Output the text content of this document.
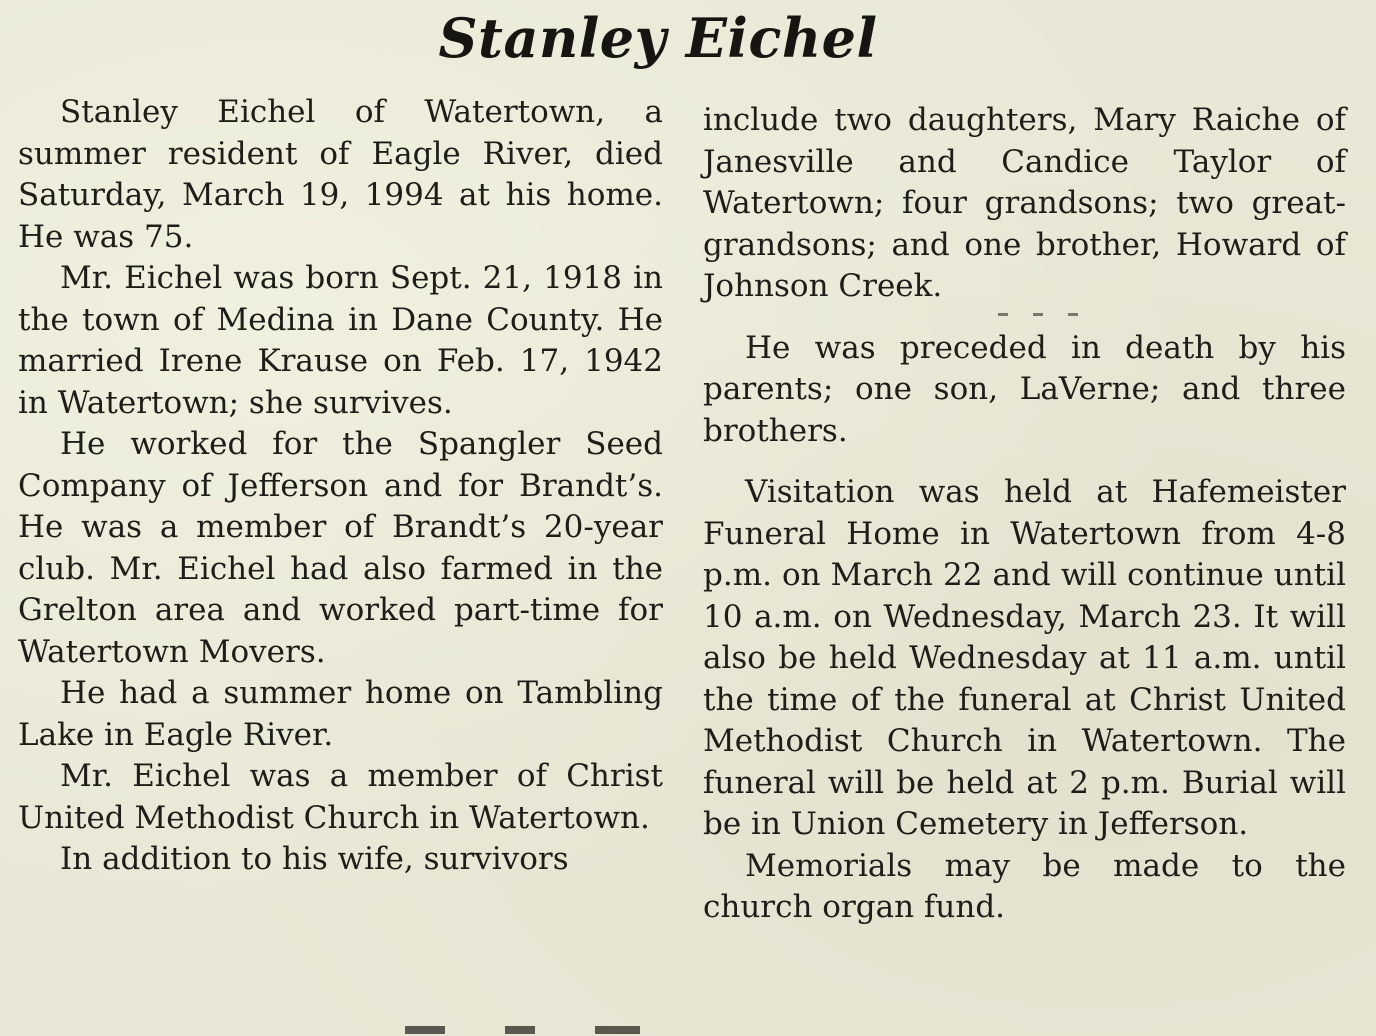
Stanley Eichel

Stanley Eichel of Watertown, a summer resident of Eagle River, died Saturday, March 19, 1994 at his home. He was 75.

Mr. Eichel was born Sept. 21, 1918 in the town of Medina in Dane County. He married Irene Krause on Feb. 17, 1942 in Watertown; she survives.

He worked for the Spangler Seed Company of Jefferson and for Brandt’s. He was a member of Brandt’s 20-year club. Mr. Eichel had also farmed in the Grelton area and worked part-time for Watertown Movers.

He had a summer home on Tambling Lake in Eagle River.

Mr. Eichel was a member of Christ United Methodist Church in Watertown.

In addition to his wife, survivors

include two daughters, Mary Raiche of Janesville and Candice Taylor of Watertown; four grandsons; two great-grandsons; and one brother, Howard of Johnson Creek.

He was preceded in death by his parents; one son, LaVerne; and three brothers.

Visitation was held at Hafemeister Funeral Home in Watertown from 4-8 p.m. on March 22 and will continue until 10 a.m. on Wednesday, March 23. It will also be held Wednesday at 11 a.m. until the time of the funeral at Christ United Methodist Church in Watertown. The funeral will be held at 2 p.m. Burial will be in Union Cemetery in Jefferson.

Memorials may be made to the church organ fund.
